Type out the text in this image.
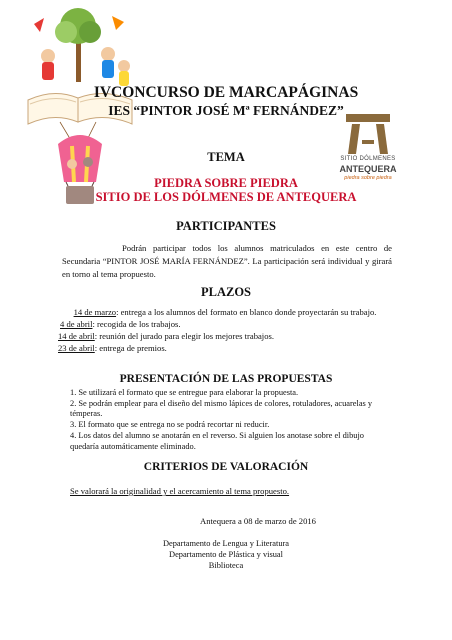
IVCONCURSO DE MARCAPÁGINAS
IES “PINTOR JOSÉ Mª FERNÁNDEZ”
SITIO DÓLMENES
ANTEQUERA
piedra sobre piedra
TEMA
PIEDRA SOBRE PIEDRA
SITIO DE LOS DÓLMENES DE ANTEQUERA
PARTICIPANTES
Podrán participar todos los alumnos matriculados en este centro de Secundaria “PINTOR JOSÉ MARÍA FERNÁNDEZ”. La participación será individual y girará en torno al tema propuesto.
PLAZOS
14 de marzo: entrega a los alumnos del formato en blanco donde proyectarán su trabajo.
4 de abril: recogida de los trabajos.
14 de abril: reunión del jurado para elegir los mejores trabajos.
23 de abril: entrega de premios.
PRESENTACIÓN DE LAS PROPUESTAS
1. Se utilizará el formato que se entregue para elaborar la propuesta.
2. Se podrán emplear para el diseño del mismo lápices de colores, rotuladores, acuarelas y témperas.
3. El formato que se entrega no se podrá recortar ni reducir.
4. Los datos del alumno se anotarán en el reverso. Si alguien los anotase sobre el dibujo quedaría automáticamente eliminado.
CRITERIOS DE VALORACIÓN
Se valorará la originalidad y el acercamiento al tema propuesto.
Antequera a 08 de marzo de 2016
Departamento de Lengua y Literatura
Departamento de Plástica y visual
Biblioteca
